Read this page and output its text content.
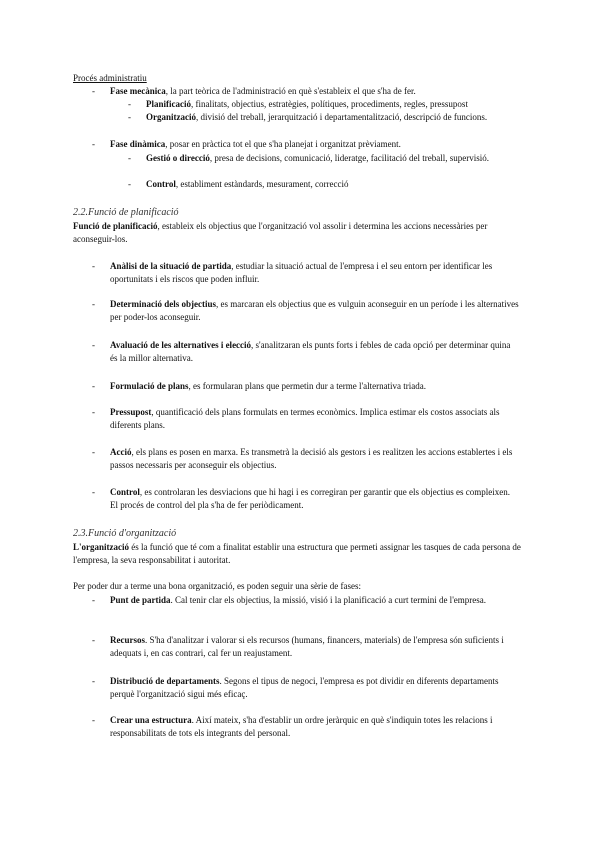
Procés administratiu
- Fase mecànica, la part teòrica de l'administració en què s'estableix el que s'ha de fer.
- Planificació, finalitats, objectius, estratègies, polítiques, procediments, regles, pressupost
- Organització, divisió del treball, jerarquització i departamentalització, descripció de funcions.
- Fase dinàmica, posar en pràctica tot el que s'ha planejat i organitzat prèviament.
- Gestió o direcció, presa de decisions, comunicació, lideratge, facilitació del treball, supervisió.
- Control, establiment estàndards, mesurament, correcció
2.2.Funció de planificació
Funció de planificació, estableix els objectius que l'organització vol assolir i determina les accions necessàries per aconseguir-los.
- Anàlisi de la situació de partida, estudiar la situació actual de l'empresa i el seu entorn per identificar les oportunitats i els riscos que poden influir.
- Determinació dels objectius, es marcaran els objectius que es vulguin aconseguir en un període i les alternatives per poder-los aconseguir.
- Avaluació de les alternatives i elecció, s'analitzaran els punts forts i febles de cada opció per determinar quina és la millor alternativa.
- Formulació de plans, es formularan plans que permetin dur a terme l'alternativa triada.
- Pressupost, quantificació dels plans formulats en termes econòmics. Implica estimar els costos associats als diferents plans.
- Acció, els plans es posen en marxa. Es transmetrà la decisió als gestors i es realitzen les accions establertes i els passos necessaris per aconseguir els objectius.
- Control, es controlaran les desviacions que hi hagi i es corregiran per garantir que els objectius es compleixen. El procés de control del pla s'ha de fer periòdicament.
2.3.Funció d'organització
L'organització és la funció que té com a finalitat establir una estructura que permeti assignar les tasques de cada persona de l'empresa, la seva responsabilitat i autoritat.
Per poder dur a terme una bona organització, es poden seguir una sèrie de fases:
- Punt de partida. Cal tenir clar els objectius, la missió, visió i la planificació a curt termini de l'empresa.
- Recursos. S'ha d'analitzar i valorar si els recursos (humans, financers, materials) de l'empresa són suficients i adequats i, en cas contrari, cal fer un reajustament.
- Distribució de departaments. Segons el tipus de negoci, l'empresa es pot dividir en diferents departaments perquè l'organització sigui més eficaç.
- Crear una estructura. Així mateix, s'ha d'establir un ordre jeràrquic en què s'indiquin totes les relacions i responsabilitats de tots els integrants del personal.
